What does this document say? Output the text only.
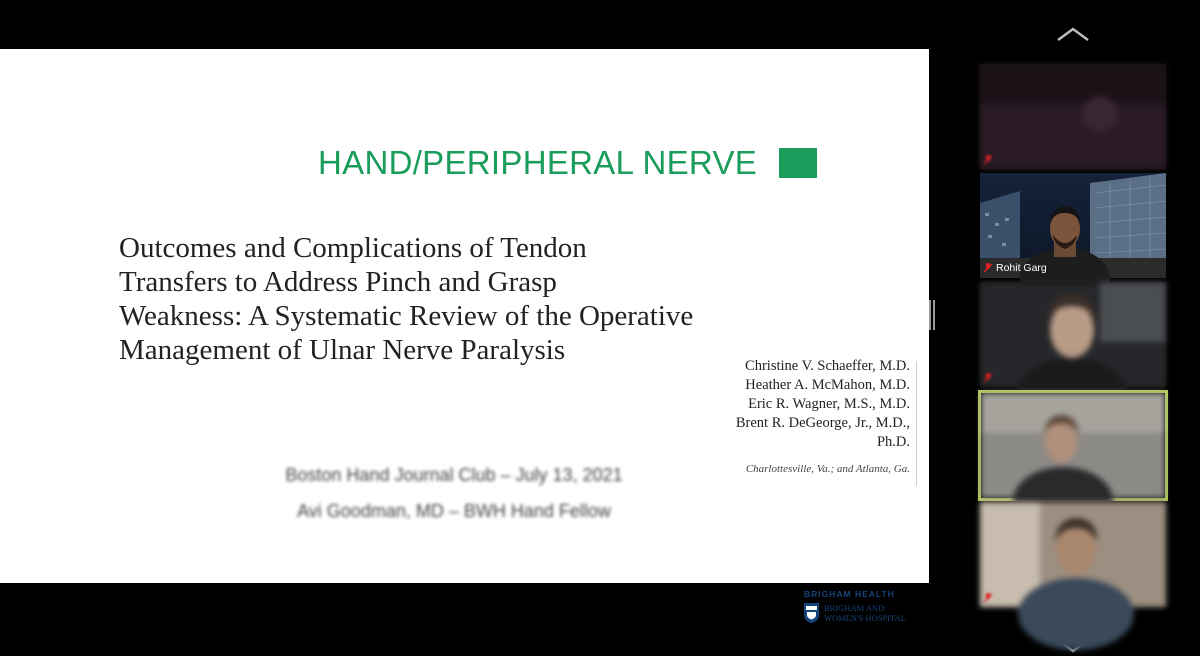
HAND/PERIPHERAL NERVE
Outcomes and Complications of Tendon
Transfers to Address Pinch and Grasp
Weakness: A Systematic Review of the Operative
Management of Ulnar Nerve Paralysis	Christine V. Schaeffer, M.D.
Heather A. McMahon, M.D.
Eric R. Wagner, M.S., M.D.
Brent R. DeGeorge, Jr., M.D.,
Ph.D.
Charlottesville, Va.; and Atlanta, Ga.
Boston Hand Journal Club – July 13, 2021
Avi Goodman, MD – BWH Hand Fellow
BRIGHAM HEALTH
BRIGHAM AND
WOMEN'S HOSPITAL
Rohit Garg
